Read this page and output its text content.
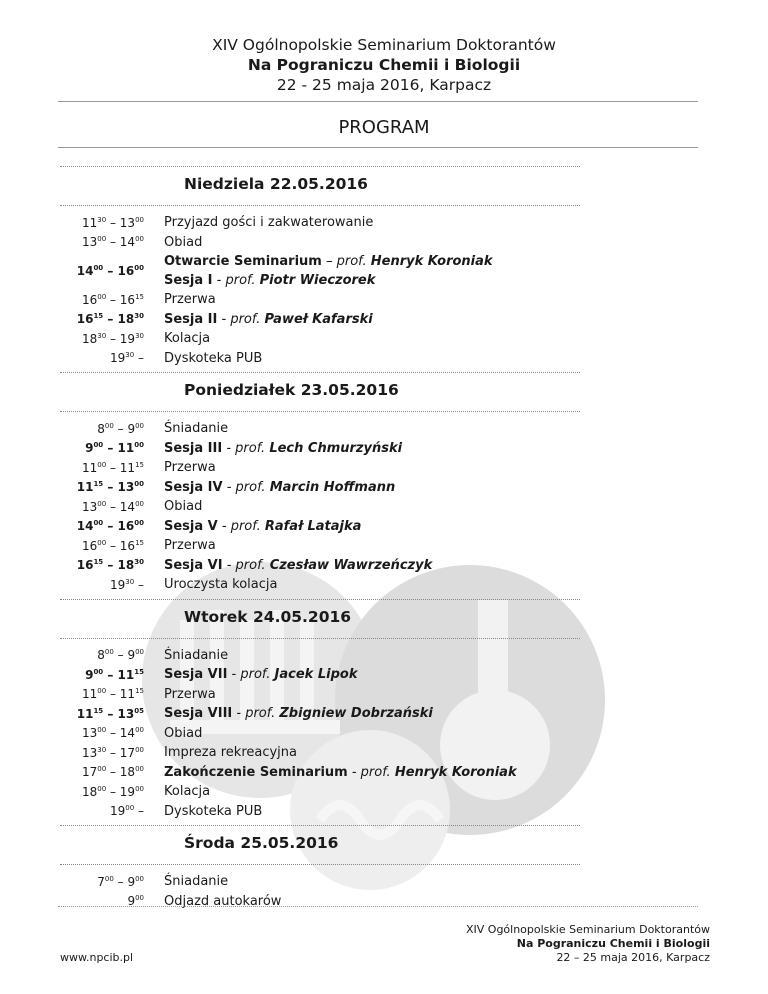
XIV Ogólnopolskie Seminarium Doktorantów
Na Pograniczu Chemii i Biologii
22 - 25 maja 2016, Karpacz
PROGRAM
Niedziela 22.05.2016
$11^{30} - 13^{00}$	Przyjazd gości i zakwaterowanie
$13^{00} - 14^{00}$	Obiad
$14^{00} - 16^{00}$	Otwarcie Seminarium – prof. Henryk Koroniak
Sesja I - prof. Piotr Wieczorek
$16^{00} - 16^{15}$	Przerwa
$16^{15} - 18^{30}$	Sesja II - prof. Paweł Kafarski
$18^{30} - 19^{30}$	Kolacja
$19^{30}$ –	Dyskoteka PUB
Poniedziałek 23.05.2016
$8^{00} - 9^{00}$	Śniadanie
$9^{00} - 11^{00}$	Sesja III - prof. Lech Chmurzyński
$11^{00} - 11^{15}$	Przerwa
$11^{15} - 13^{00}$	Sesja IV - prof. Marcin Hoffmann
$13^{00} - 14^{00}$	Obiad
$14^{00} - 16^{00}$	Sesja V - prof. Rafał Latajka
$16^{00} - 16^{15}$	Przerwa
$16^{15} - 18^{30}$	Sesja VI - prof. Czesław Wawrzeńczyk
$19^{30}$ –	Uroczysta kolacja
Wtorek 24.05.2016
$8^{00} - 9^{00}$	Śniadanie
$9^{00} - 11^{15}$	Sesja VII - prof. Jacek Lipok
$11^{00} - 11^{15}$	Przerwa
$11^{15} - 13^{05}$	Sesja VIII - prof. Zbigniew Dobrzański
$13^{00} - 14^{00}$	Obiad
$13^{30} - 17^{00}$	Impreza rekreacyjna
$17^{00} - 18^{00}$	Zakończenie Seminarium - prof. Henryk Koroniak
$18^{00} - 19^{00}$	Kolacja
$19^{00}$ –	Dyskoteka PUB
Środa 25.05.2016
$7^{00} - 9^{00}$	Śniadanie
$9^{00}$	Odjazd autokarów
www.npcib.pl
XIV Ogólnopolskie Seminarium Doktorantów
Na Pograniczu Chemii i Biologii
22 – 25 maja 2016, Karpacz
